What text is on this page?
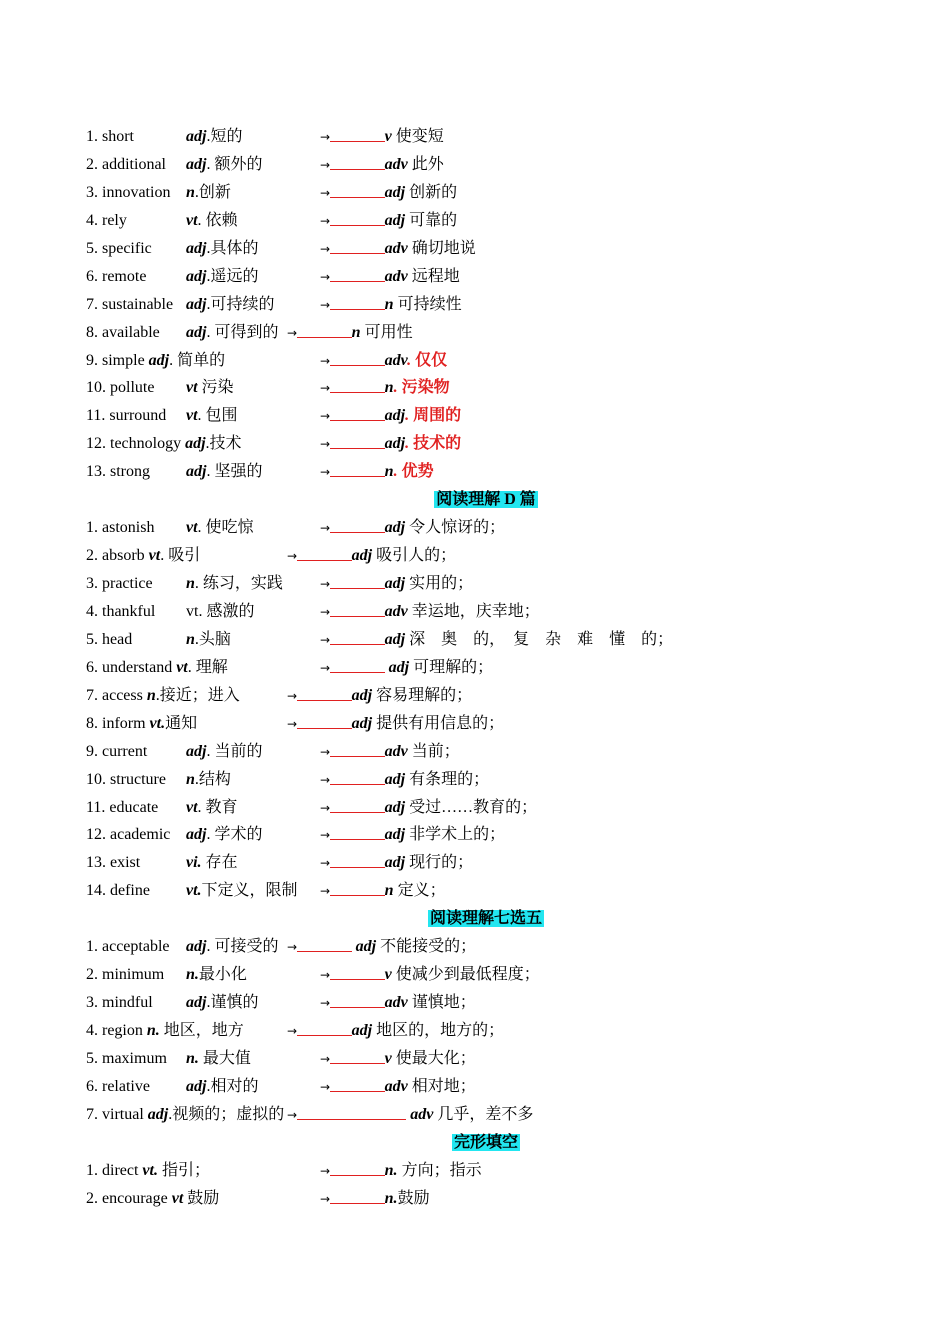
1. short	adj.短的	→	v 使变短
2. additional adj. 额外的	→	adv 此外
3. innovation n.创新	→	adj 创新的
4. rely	vt. 依赖	→	adj 可靠的
5. specific adj.具体的	→	adv 确切地说
6. remote adj.遥远的	→	adv 远程地
7. sustainable adj.可持续的	→	n 可持续性
8. available adj. 可得到的 →	n 可用性
9. simple adj. 简单的	→	adv. 仅仅
10. pollute vt 污染	→	n. 污染物
11. surround vt. 包围	→	adj. 周围的
12. technology adj.技术	→	adj. 技术的
13. strong adj. 坚强的	→	n. 优势
阅读理解 D 篇
1. astonish vt. 使吃惊	→	adj 令人惊讶的；
2. absorb vt. 吸引	→	adj 吸引人的；
3. practice n. 练习，实践	→	adj 实用的；
4. thankful vt. 感激的	→	adv 幸运地，庆幸地；
5. head	n.头脑	→	adj 深　奥　的，　复　杂　难　懂　的；
6. understand vt. 理解	→	adj 可理解的；
7. access n.接近；进入	→	adj 容易理解的；
8. inform vt.通知	→	adj 提供有用信息的；
9. current adj. 当前的	→	adv 当前；
10. structure n.结构	→	adj 有条理的；
11. educate vt. 教育	→	adj 受过……教育的；
12. academic adj. 学术的	→	adj 非学术上的；
13. exist	vi. 存在	→	adj 现行的；
14. define vt.下定义，限制 →	n 定义；
阅读理解七选五
1. acceptable adj. 可接受的 →	adj 不能接受的；
2. minimum n.最小化	→	v 使减少到最低程度；
3. mindful adj.谨慎的	→	adv 谨慎地；
4. region n. 地区，地方	→	adj 地区的，地方的；
5. maximum n. 最大值	→	v 使最大化；
6. relative adj.相对的	→	adv 相对地；
7. virtual adj.视频的；虚拟的 →	adv 几乎，差不多
完形填空
1. direct vt. 指引；	→	n. 方向；指示
2. encourage vt 鼓励	→	n.鼓励
